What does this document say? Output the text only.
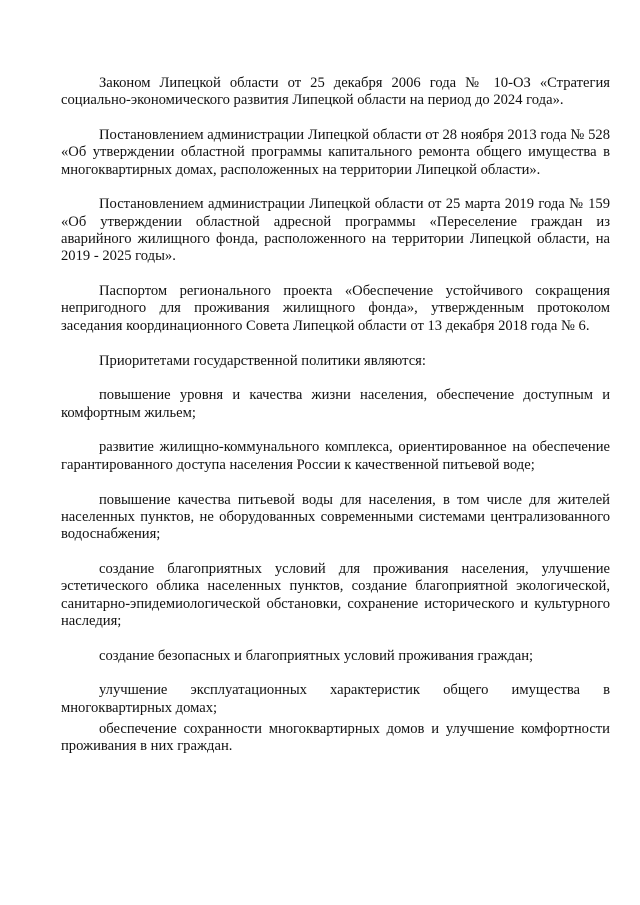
Законом Липецкой области от 25 декабря 2006 года № 10-ОЗ «Стратегия социально-экономического развития Липецкой области на период до 2024 года».

Постановлением администрации Липецкой области от 28 ноября 2013 года № 528 «Об утверждении областной программы капитального ремонта общего имущества в многоквартирных домах, расположенных на территории Липецкой области».

Постановлением администрации Липецкой области от 25 марта 2019 года № 159 «Об утверждении областной адресной программы «Переселение граждан из аварийного жилищного фонда, расположенного на территории Липецкой области, на 2019 - 2025 годы».

Паспортом регионального проекта «Обеспечение устойчивого сокращения непригодного для проживания жилищного фонда», утвержденным протоколом заседания координационного Совета Липецкой области от 13 декабря 2018 года № 6.

Приоритетами государственной политики являются:

повышение уровня и качества жизни населения, обеспечение доступным и комфортным жильем;

развитие жилищно-коммунального комплекса, ориентированное на обеспечение гарантированного доступа населения России к качественной питьевой воде;

повышение качества питьевой воды для населения, в том числе для жителей населенных пунктов, не оборудованных современными системами централизованного водоснабжения;

создание благоприятных условий для проживания населения, улучшение эстетического облика населенных пунктов, создание благоприятной экологической, санитарно-эпидемиологической обстановки, сохранение исторического и культурного наследия;

создание безопасных и благоприятных условий проживания граждан;

улучшение эксплуатационных характеристик общего имущества в многоквартирных домах;

обеспечение сохранности многоквартирных домов и улучшение комфортности проживания в них граждан.
